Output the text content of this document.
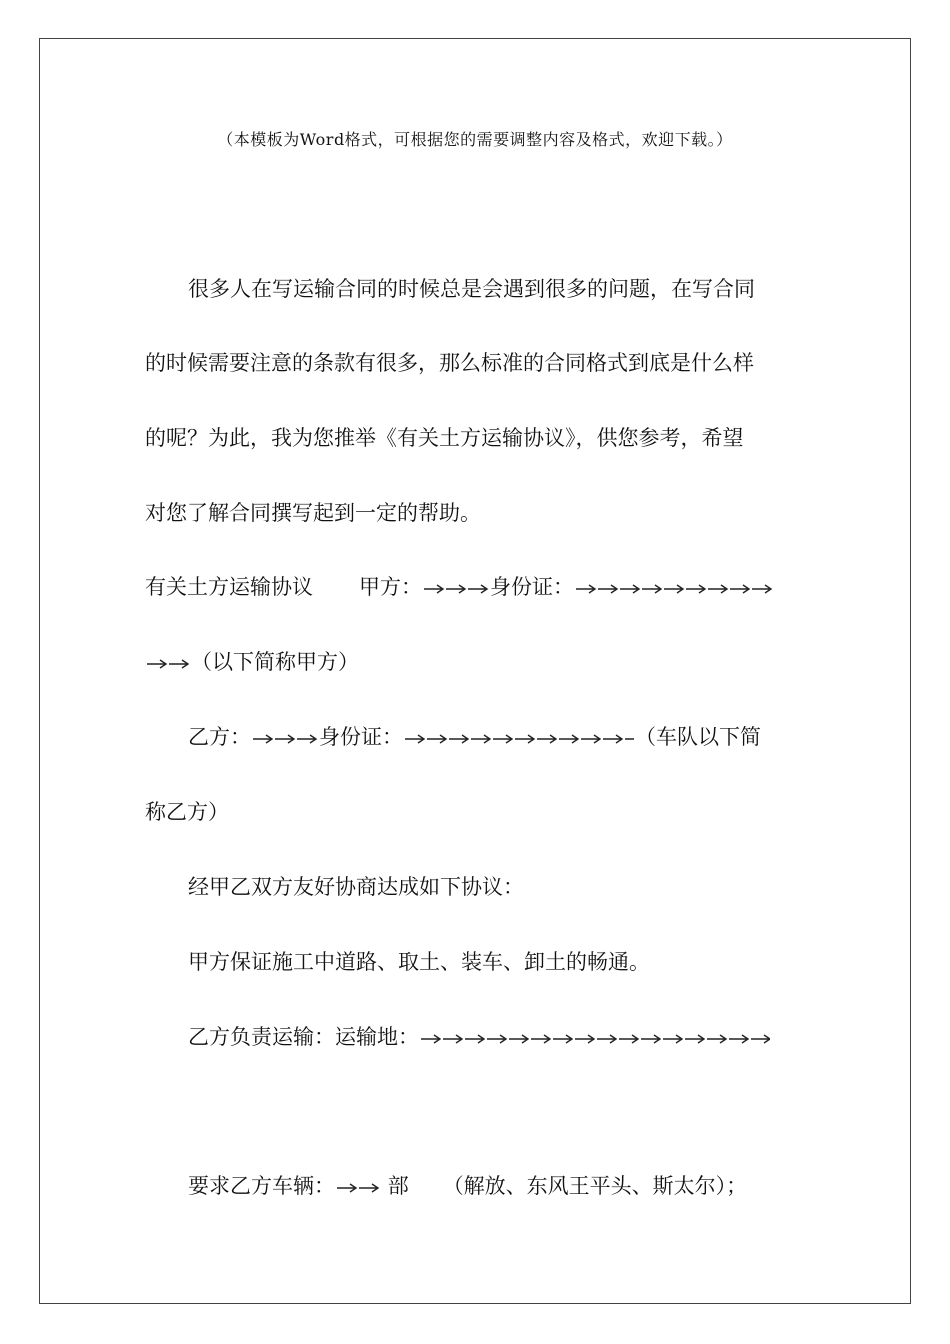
（本模板为Word格式，可根据您的需要调整内容及格式，欢迎下载。）
很多人在写运输合同的时候总是会遇到很多的问题，在写合同
的时候需要注意的条款有很多，那么标准的合同格式到底是什么样
的呢？为此，我为您推举《有关土方运输协议》，供您参考，希望
对您了解合同撰写起到一定的帮助。
有关土方运输协议 甲方：	身份证：
（以下简称甲方）
乙方：	身份证：	（车队以下简
称乙方）
经甲乙双方友好协商达成如下协议：
甲方保证施工中道路、取土、装车、卸土的畅通。
乙方负责运输：运输地：
要求乙方车辆：	部 （解放、东风王平头、斯太尔）；
